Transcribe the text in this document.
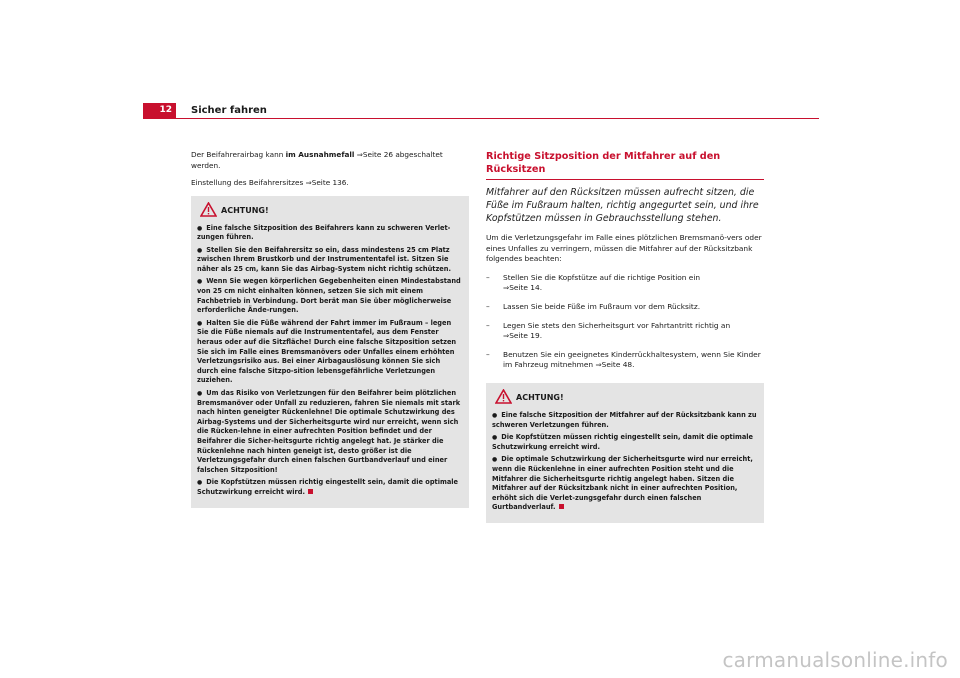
12	Sicher fahren

Der Beifahrerairbag kann im Ausnahmefall ⇒ Seite 26 abgeschaltet werden.

Einstellung des Beifahrersitzes ⇒ Seite 136.

ACHTUNG!

● Eine falsche Sitzposition des Beifahrers kann zu schweren Verlet-zungen führen.

● Stellen Sie den Beifahrersitz so ein, dass mindestens 25 cm Platz zwischen Ihrem Brustkorb und der Instrumententafel ist. Sitzen Sie näher als 25 cm, kann Sie das Airbag-System nicht richtig schützen.

● Wenn Sie wegen körperlichen Gegebenheiten einen Mindestabstand von 25 cm nicht einhalten können, setzen Sie sich mit einem Fachbetrieb in Verbindung. Dort berät man Sie über möglicherweise erforderliche Ände-rungen.

● Halten Sie die Füße während der Fahrt immer im Fußraum – legen Sie die Füße niemals auf die Instrumententafel, aus dem Fenster heraus oder auf die Sitzfläche! Durch eine falsche Sitzposition setzen Sie sich im Falle eines Bremsmanövers oder Unfalles einem erhöhten Verletzungsrisiko aus. Bei einer Airbagauslösung können Sie sich durch eine falsche Sitzpo-sition lebensgefährliche Verletzungen zuziehen.

● Um das Risiko von Verletzungen für den Beifahrer beim plötzlichen Bremsmanöver oder Unfall zu reduzieren, fahren Sie niemals mit stark nach hinten geneigter Rückenlehne! Die optimale Schutzwirkung des Airbag-Systems und der Sicherheitsgurte wird nur erreicht, wenn sich die Rücken-lehne in einer aufrechten Position befindet und der Beifahrer die Sicher-heitsgurte richtig angelegt hat. Je stärker die Rückenlehne nach hinten geneigt ist, desto größer ist die Verletzungsgefahr durch einen falschen Gurtbandverlauf und einer falschen Sitzposition!

● Die Kopfstützen müssen richtig eingestellt sein, damit die optimale Schutzwirkung erreicht wird.

Richtige Sitzposition der Mitfahrer auf den Rücksitzen

Mitfahrer auf den Rücksitzen müssen aufrecht sitzen, die Füße im Fußraum halten, richtig angegurtet sein, und ihre Kopfstützen müssen in Gebrauchsstellung stehen.

Um die Verletzungsgefahr im Falle eines plötzlichen Bremsmanö-vers oder eines Unfalles zu verringern, müssen die Mitfahrer auf der Rücksitzbank folgendes beachten:

– Stellen Sie die Kopfstütze auf die richtige Position ein
⇒ Seite 14.
– Lassen Sie beide Füße im Fußraum vor dem Rücksitz.
– Legen Sie stets den Sicherheitsgurt vor Fahrtantritt richtig an
⇒ Seite 19.
– Benutzen Sie ein geeignetes Kinderrückhaltesystem, wenn Sie Kinder im Fahrzeug mitnehmen ⇒ Seite 48.
ACHTUNG!

● Eine falsche Sitzposition der Mitfahrer auf der Rücksitzbank kann zu schweren Verletzungen führen.

● Die Kopfstützen müssen richtig eingestellt sein, damit die optimale Schutzwirkung erreicht wird.

● Die optimale Schutzwirkung der Sicherheitsgurte wird nur erreicht, wenn die Rückenlehne in einer aufrechten Position steht und die Mitfahrer die Sicherheitsgurte richtig angelegt haben. Sitzen die Mitfahrer auf der Rücksitzbank nicht in einer aufrechten Position, erhöht sich die Verlet-zungsgefahr durch einen falschen Gurtbandverlauf.

carmanualsonline.info
